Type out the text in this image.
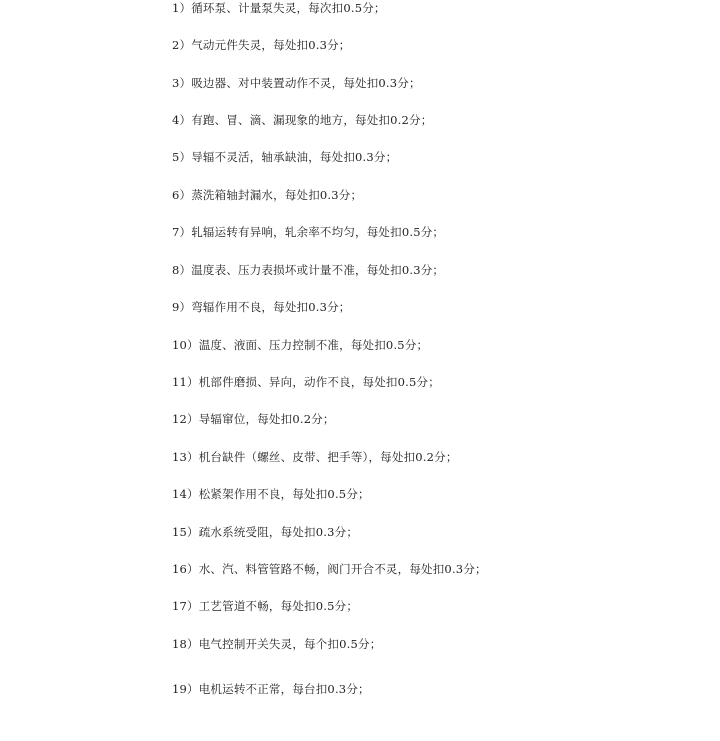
1）循环泵、计量泵失灵，每次扣0.5分；
2）气动元件失灵，每处扣0.3分；
3）吸边器、对中装置动作不灵，每处扣0.3分；
4）有跑、冒、滴、漏现象的地方，每处扣0.2分；
5）导辐不灵活，轴承缺油，每处扣0.3分；
6）蒸洗箱轴封漏水，每处扣0.3分；
7）轧辐运转有异响，轧余率不均匀，每处扣0.5分；
8）温度表、压力表损坏或计量不准，每处扣0.3分；
9）弯辐作用不良，每处扣0.3分；
10）温度、液面、压力控制不准，每处扣0.5分；
11）机部件磨损、异向，动作不良，每处扣0.5分；
12）导辐窜位，每处扣0.2分；
13）机台缺件（螺丝、皮带、把手等），每处扣0.2分；
14）松紧架作用不良，每处扣0.5分；
15）疏水系统受阻，每处扣0.3分；
16）水、汽、料管管路不畅，阀门开合不灵，每处扣0.3分；
17）工艺管道不畅，每处扣0.5分；
18）电气控制开关失灵，每个扣0.5分；
19）电机运转不正常，每台扣0.3分；
